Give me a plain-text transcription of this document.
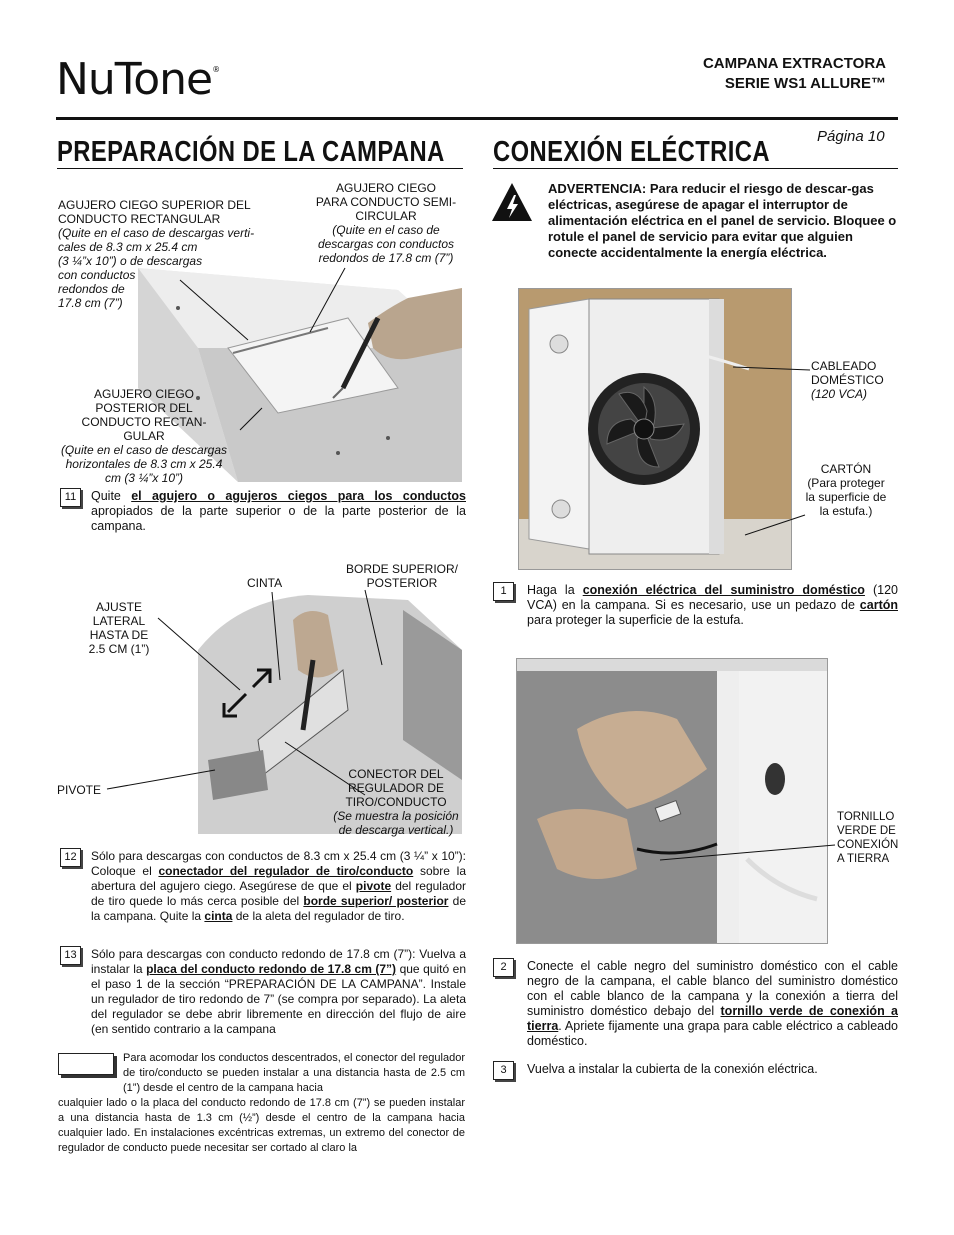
NuTone®	CAMPANA EXTRACTORA
SERIE WS1 ALLURE™
PREPARACIÓN DE LA CAMPANA CONEXIÓN ELÉCTRICA	Página 10
AGUJERO CIEGO SUPERIOR DEL
CONDUCTO RECTANGULAR
(Quite en el caso de descargas verti-
cales de 8.3 cm x 25.4 cm
(3 ¼”x 10”) o de descargas
con conductos
redondos de
17.8 cm (7”)
AGUJERO CIEGO
PARA CONDUCTO SEMI-
CIRCULAR
(Quite en el caso de
descargas con conductos
redondos de 17.8 cm (7”)
AGUJERO CIEGO
POSTERIOR DEL
CONDUCTO RECTAN-
GULAR
(Quite en el caso de descargas
horizontales de 8.3 cm x 25.4
cm (3 ¼”x 10”)
11	Quite el agujero o agujeros ciegos para los conductos apropiados de la parte superior o de la parte posterior de la campana.
CINTA
BORDE SUPERIOR/
POSTERIOR
AJUSTE
LATERAL
HASTA DE
2.5 CM (1”)
PIVOTE
CONECTOR DEL
REGULADOR DE
TIRO/CONDUCTO
(Se muestra la posición
de descarga vertical.)
12	Sólo para descargas con conductos de 8.3 cm x 25.4 cm (3 ¼” x 10”): Coloque el conectador del regulador de tiro/conducto sobre la abertura del agujero ciego. Asegúrese de que el pivote del regulador de tiro quede lo más cerca posible del borde superior/ posterior de la campana. Quite la cinta de la aleta del regulador de tiro.
13	Sólo para descargas con conducto redondo de 17.8 cm (7”): Vuelva a instalar la placa del conducto redondo de 17.8 cm (7”) que quitó en el paso 1 de la sección “PREPARACIÓN DE LA CAMPANA”. Instale un regulador de tiro redondo de 7” (se compra por separado). La aleta del regulador se debe abrir libremente en dirección del flujo de aire (en sentido contrario a la campana
Para acomodar los conductos descentrados, el conector del regulador de tiro/conducto se pueden instalar a una distancia hasta de 2.5 cm (1”) desde el centro de la campana hacia
cualquier lado o la placa del conducto redondo de 17.8 cm (7”) se pueden instalar a una distancia hasta de 1.3 cm (½”) desde el centro de la campana hacia cualquier lado. En instalaciones excéntricas extremas, un extremo del conector de regulador de conducto puede necesitar ser cortado al claro la
ADVERTENCIA: Para reducir el riesgo de descar-gas eléctricas, asegúrese de apagar el interruptor de alimentación eléctrica en el panel de servicio. Bloquee o rotule el panel de servicio para evitar que alguien conecte accidentalmente la energía eléctrica.
CABLEADO
DOMÉSTICO
(120 VCA)
CARTÓN
(Para proteger
la superficie de
la estufa.)
1	Haga la conexión eléctrica del suministro doméstico (120 VCA) en la campana. Si es necesario, use un pedazo de cartón para proteger la superficie de la estufa.
TORNILLO
VERDE DE
CONEXIÓN
A TIERRA
2	Conecte el cable negro del suministro doméstico con el cable negro de la campana, el cable blanco del suministro doméstico con el cable blanco de la campana y la conexión a tierra del suministro doméstico debajo del tornillo verde de conexión a tierra. Apriete fijamente una grapa para cable eléctrico a cableado doméstico.
3	Vuelva a instalar la cubierta de la conexión eléctrica.
